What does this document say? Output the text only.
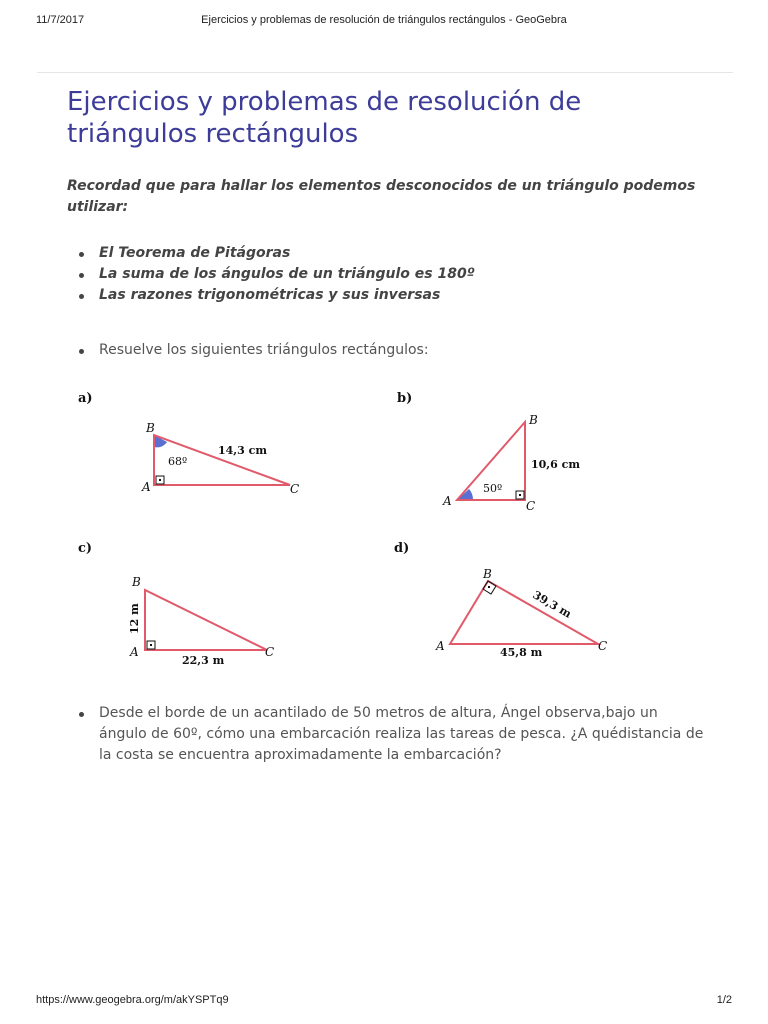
11/7/2017	Ejercicios y problemas de resolución de triángulos rectángulos - GeoGebra
Ejercicios y problemas de resolución de triángulos rectángulos

Recordad que para hallar los elementos desconocidos de un triángulo podemos utilizar:

El Teorema de Pitágoras
La suma de los ángulos de un triángulo es 180º
Las razones trigonométricas y sus inversas
Resuelve los siguientes triángulos rectángulos:
a)
B
A	C
68º
14,3 cm
b)
B
A	C
50º
10,6 cm
c)
B
A	C
12 m
22,3 m
d)
B
A	C
39,3 m
45,8 m
Desde el borde de un acantilado de 50 metros de altura, Ángel observa,bajo un ángulo de 60º, cómo una embarcación realiza las tareas de pesca. ¿A quédistancia de la costa se encuentra aproximadamente la embarcación?
https://www.geogebra.org/m/akYSPTq9	1/2
